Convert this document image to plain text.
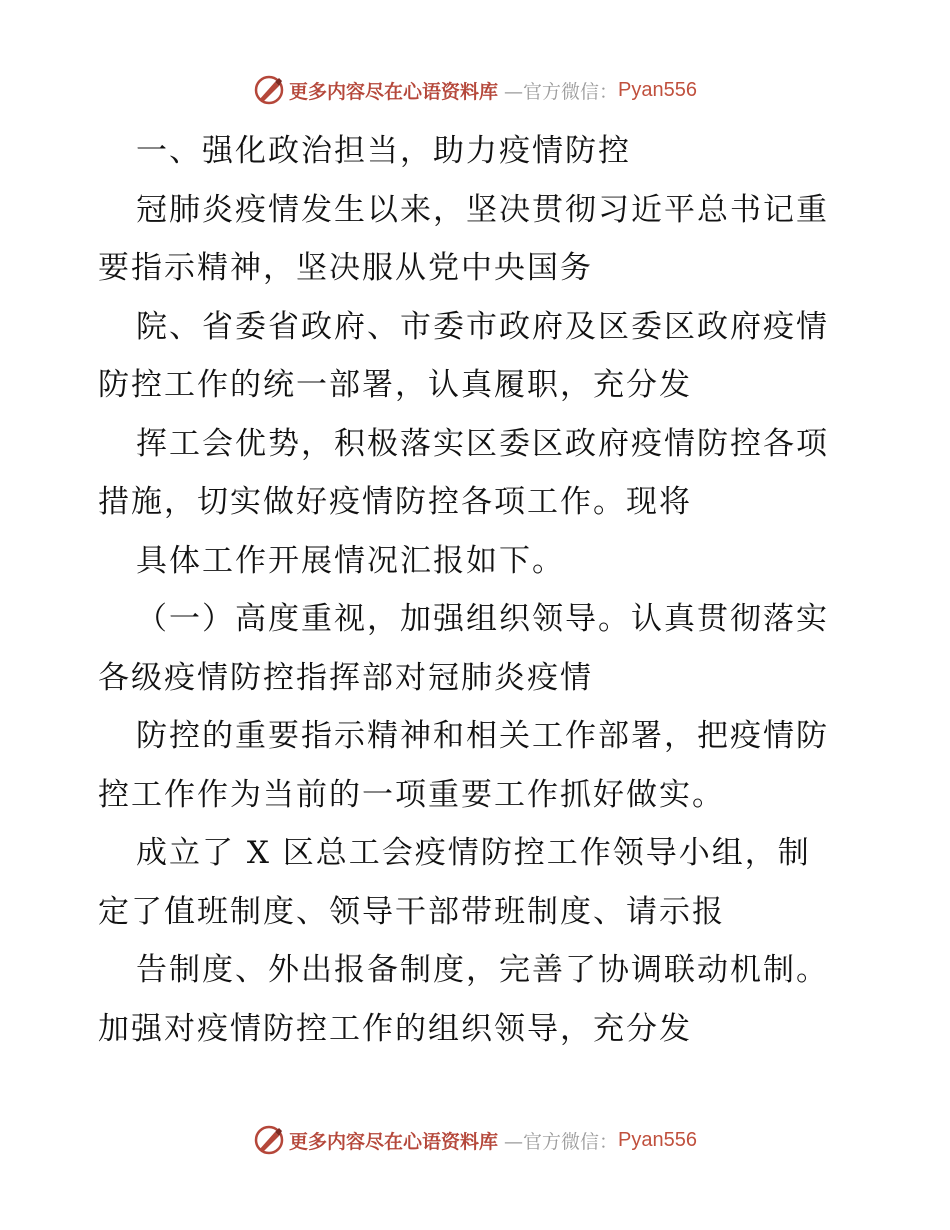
更多内容尽在心语资料库 —官方微信： Pyan556
一、强化政治担当，助力疫情防控
冠肺炎疫情发生以来，坚决贯彻习近平总书记重
要指示精神，坚决服从党中央国务
院、省委省政府、市委市政府及区委区政府疫情
防控工作的统一部署，认真履职，充分发
挥工会优势，积极落实区委区政府疫情防控各项
措施，切实做好疫情防控各项工作。现将
具体工作开展情况汇报如下。
（一）高度重视，加强组织领导。认真贯彻落实
各级疫情防控指挥部对冠肺炎疫情
防控的重要指示精神和相关工作部署，把疫情防
控工作作为当前的一项重要工作抓好做实。
成立了 X 区总工会疫情防控工作领导小组，制
定了值班制度、领导干部带班制度、请示报
告制度、外出报备制度，完善了协调联动机制。
加强对疫情防控工作的组织领导，充分发
更多内容尽在心语资料库 —官方微信： Pyan556
